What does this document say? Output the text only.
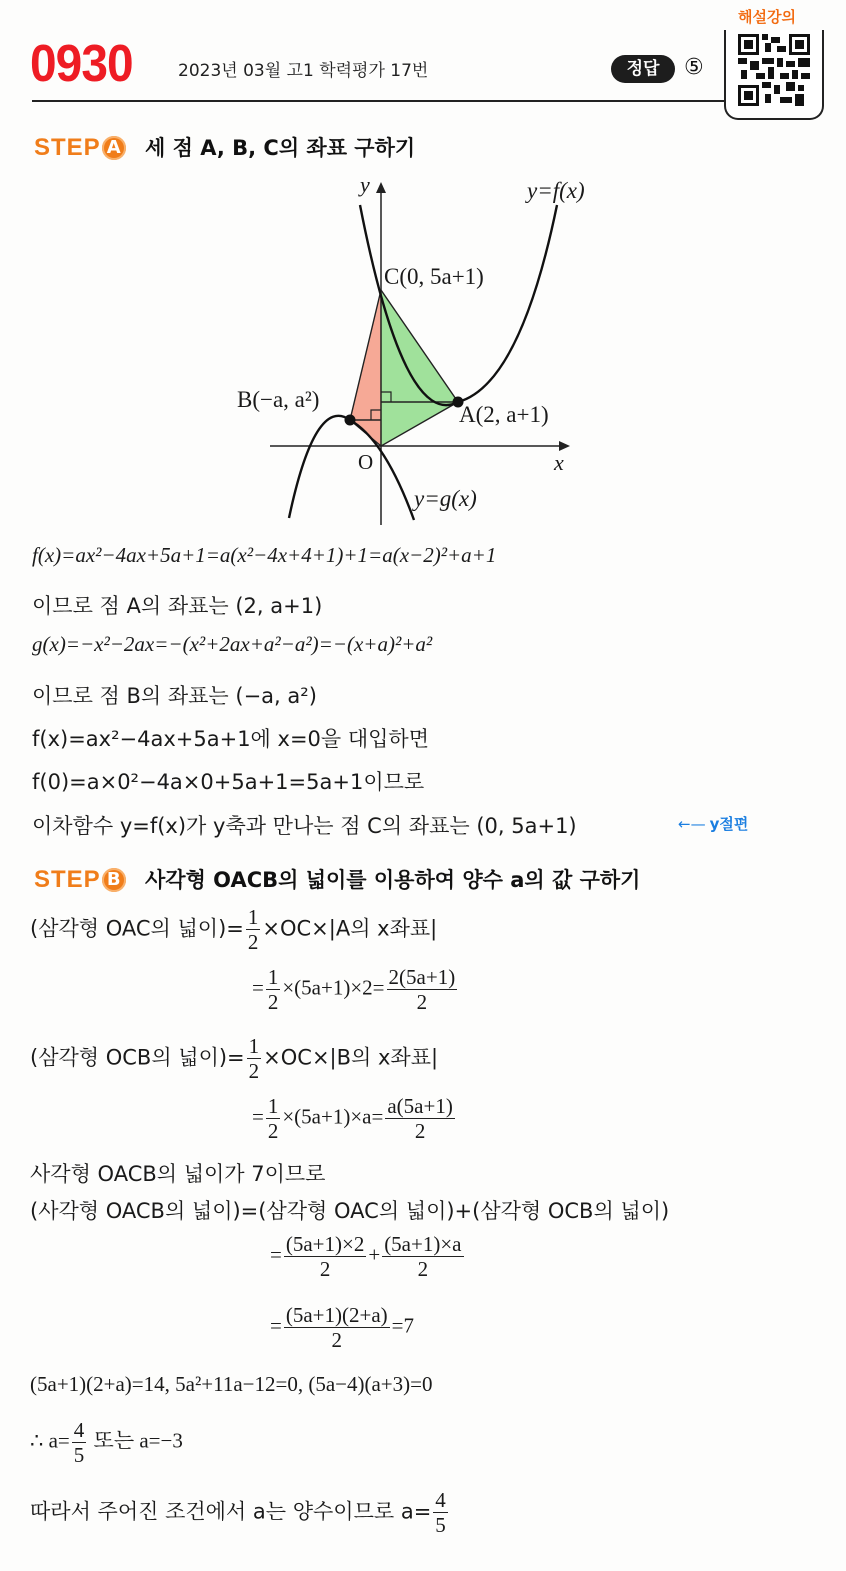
0930	2023년 03월 고1 학력평가 17번	정답	⑤
해설강의
STEP A 세 점 A, B, C의 좌표 구하기
y
x
O
y=f(x)
y=g(x)
C(0, 5a+1)
A(2, a+1)
B(−a, a²)
f(x)=ax²−4ax+5a+1=a(x²−4x+4+1)+1=a(x−2)²+a+1
이므로 점 A의 좌표는 (2, a+1)
g(x)=−x²−2ax=−(x²+2ax+a²−a²)=−(x+a)²+a²
이므로 점 B의 좌표는 (−a, a²)
f(x)=ax²−4ax+5a+1에 x=0을 대입하면
f(0)=a×0²−4a×0+5a+1=5a+1이므로
이차함수 y=f(x)가 y축과 만나는 점 C의 좌표는 (0, 5a+1)	←— y절편
STEP B 사각형 OACB의 넓이를 이용하여 양수 a의 값 구하기
(삼각형 OAC의 넓이)= $\frac{1}{2} \times OC\times|A$의 x좌표|
= $\frac{1}{2} \times(5a+1)\times 2= \frac{2(5a+1)}{2}$
(삼각형 OCB의 넓이)= $\frac{1}{2} \times OC\times|B$의 x좌표|
= $\frac{1}{2} \times(5a+1)\times a= \frac{a(5a+1)}{2}$
사각형 OACB의 넓이가 7이므로
(사각형 OACB의 넓이)=(삼각형 OAC의 넓이)+(삼각형 OCB의 넓이)
= $\frac{(5a+1)\times 2}{2} + \frac{(5a+1)\times a}{2}$
= $\frac{(5a+1)(2+a)}{2} =7$
(5a+1)(2+a)=14, 5a²+11a−12=0, (5a−4)(a+3)=0
∴ $a= \frac{4}{5}$ 또는 a=−3
따라서 주어진 조건에서 a는 양수이므로 $a= \frac{4}{5}$
